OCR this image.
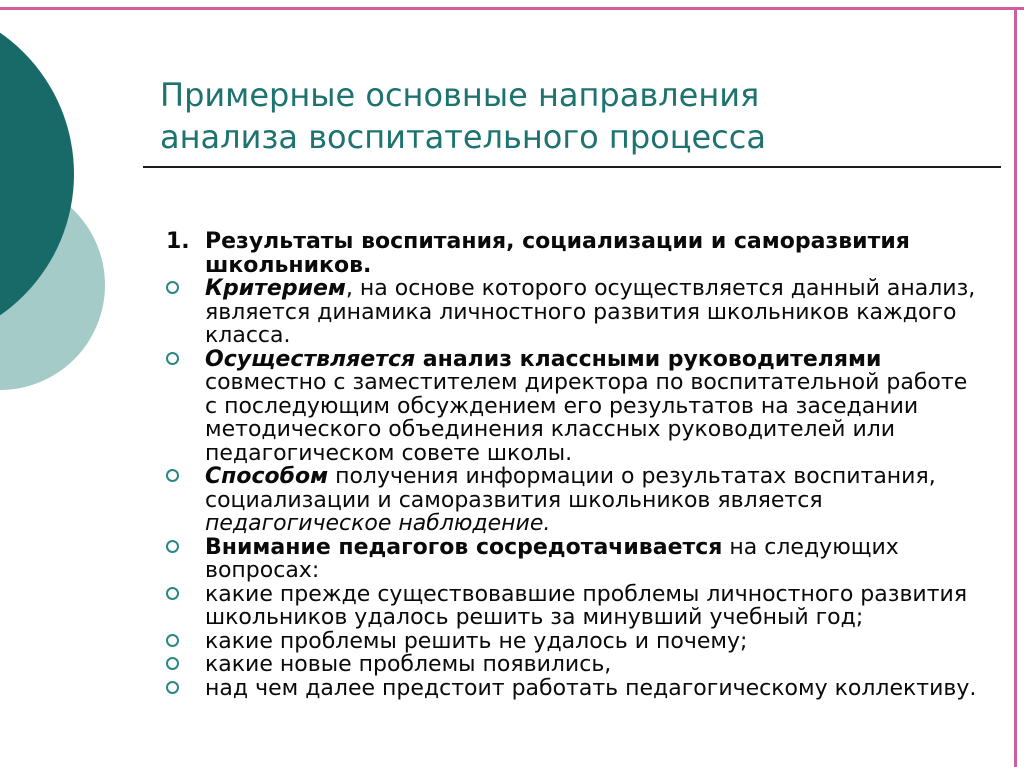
Примерные основные направления анализа воспитательного процесса
1. Результаты воспитания, социализации и саморазвития школьников.
Критерием, на основе которого осуществляется данный анализ, является динамика личностного развития школьников каждого класса.
Осуществляется анализ классными руководителями совместно с заместителем директора по воспитательной работе с последующим обсуждением его результатов на заседании методического объединения классных руководителей или педагогическом совете школы.
Способом получения информации о результатах воспитания, социализации и саморазвития школьников является педагогическое наблюдение.
Внимание педагогов сосредотачивается на следующих вопросах:
какие прежде существовавшие проблемы личностного развития школьников удалось решить за минувший учебный год;
какие проблемы решить не удалось и почему;
какие новые проблемы появились,
над чем далее предстоит работать педагогическому коллективу.
